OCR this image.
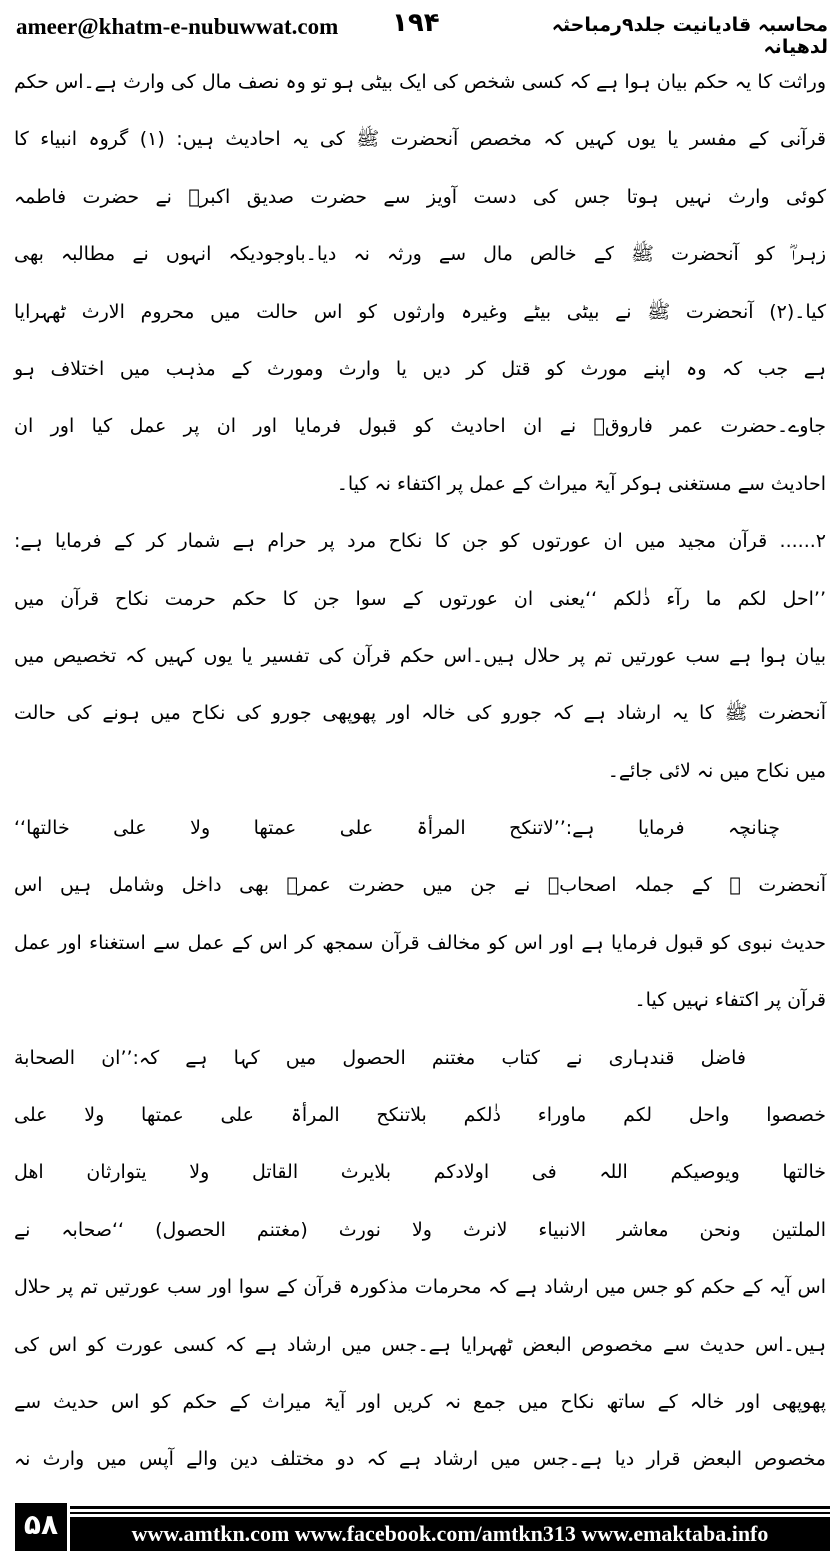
ameer@khatm-e-nubuwwat.com ۱۹۴	محاسبہ قادیانیت جلد۹رمباحثہ لدھیانہ
وراثت کا یہ حکم بیان ہوا ہے کہ کسی شخص کی ایک بیٹی ہو تو وہ نصف مال کی وارث ہے۔اس حکم
قرآنی کے مفسر یا یوں کہیں کہ مخصص آنحضرت ﷺ کی یہ احادیث ہیں: (۱) گروہ انبیاء کا
کوئی وارث نہیں ہوتا جس کی دست آویز سے حضرت صدیق اکبرؓ نے حضرت فاطمہ
زہراؓ کو آنحضرت ﷺ کے خالص مال سے ورثہ نہ دیا۔باوجودیکہ انہوں نے مطالبہ بھی
کیا۔(۲) آنحضرت ﷺ نے بیٹی بیٹے وغیرہ وارثوں کو اس حالت میں محروم الارث ٹھہرایا
ہے جب کہ وہ اپنے مورث کو قتل کر دیں یا وارث ومورث کے مذہب میں اختلاف ہو
جاوے۔حضرت عمر فاروقؓ نے ان احادیث کو قبول فرمایا اور ان پر عمل کیا اور ان
احادیث سے مستغنی ہوکر آیۃ میراث کے عمل پر اکتفاء نہ کیا۔
۲...... قرآن مجید میں ان عورتوں کو جن کا نکاح مرد پر حرام ہے شمار کر کے فرمایا ہے:
’’احل لکم ما رآء ذٰلکم ‘‘یعنی ان عورتوں کے سوا جن کا حکم حرمت نکاح قرآن میں
بیان ہوا ہے سب عورتیں تم پر حلال ہیں۔اس حکم قرآن کی تفسیر یا یوں کہیں کہ تخصیص میں
آنحضرت ﷺ کا یہ ارشاد ہے کہ جورو کی خالہ اور پھوپھی جورو کی نکاح میں ہونے کی حالت
میں نکاح میں نہ لائی جائے۔
چنانچہ فرمایا ہے:’’لاتنکح المرأۃ علی عمتھا ولا علی خالتھا‘‘
آنحضرت ﷺ کے جملہ اصحابؓ نے جن میں حضرت عمرؓ بھی داخل وشامل ہیں اس
حدیث نبوی کو قبول فرمایا ہے اور اس کو مخالف قرآن سمجھ کر اس کے عمل سے استغناء اور عمل
قرآن پر اکتفاء نہیں کیا۔
فاضل قندہاری نے کتاب مغتنم الحصول میں کہا ہے کہ:’’ان الصحابة
خصصوا واحل لکم ماوراء ذٰلکم بلاتنکح المرأۃ علی عمتھا ولا علی
خالتھا ویوصیکم اللہ فی اولادکم بلایرث القاتل ولا یتوارثان اھل
الملتین ونحن معاشر الانبیاء لانرث ولا نورث (مغتنم الحصول) ‘‘صحابہ نے
اس آیہ کے حکم کو جس میں ارشاد ہے کہ محرمات مذکورہ قرآن کے سوا اور سب عورتیں تم پر حلال
ہیں۔اس حدیث سے مخصوص البعض ٹھہرایا ہے۔جس میں ارشاد ہے کہ کسی عورت کو اس کی
پھوپھی اور خالہ کے ساتھ نکاح میں جمع نہ کریں اور آیۃ میراث کے حکم کو اس حدیث سے
مخصوص البعض قرار دیا ہے۔جس میں ارشاد ہے کہ دو مختلف دین والے آپس میں وارث نہ
۵۸	www.amtkn.com www.facebook.com/amtkn313 www.emaktaba.info
